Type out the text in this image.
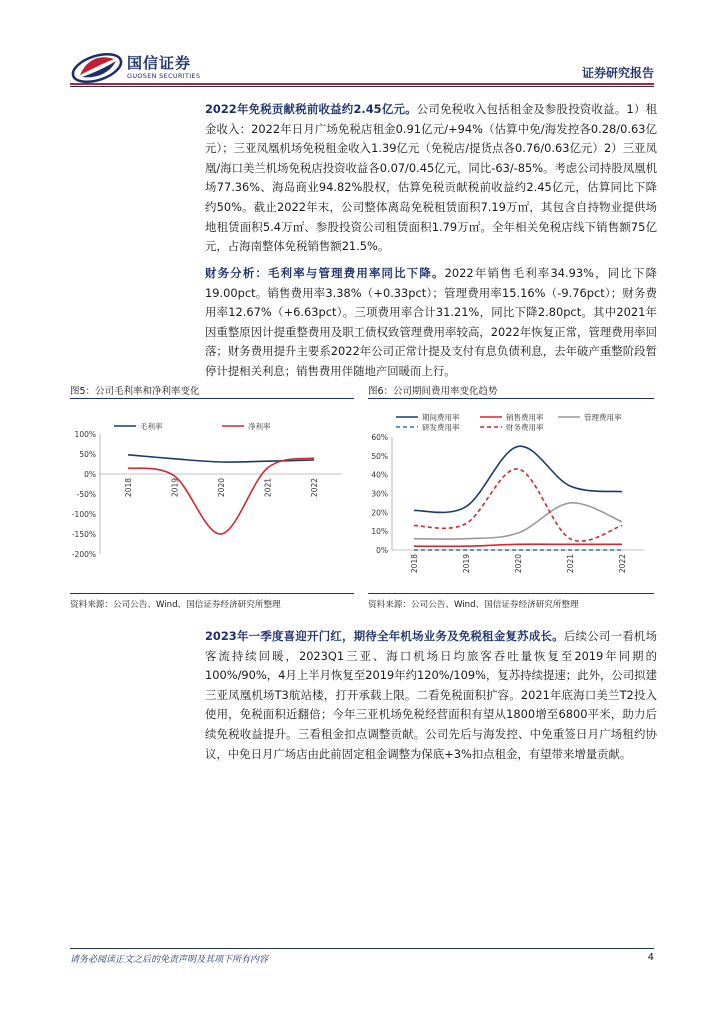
国信证券
GUOSEN SECURITIES	证券研究报告
2022年免税贡献税前收益约2.45亿元。公司免税收入包括租金及参股投资收益。1）租金收入：2022年日月广场免税店租金0.91亿元/+94%（估算中免/海发控各0.28/0.63亿元）；三亚凤凰机场免税租金收入1.39亿元（免税店/提货点各0.76/0.63亿元）2）三亚凤凰/海口美兰机场免税店投资收益各0.07/0.45亿元，同比-63/-85%。考虑公司持股凤凰机场77.36%、海岛商业94.82%股权，估算免税贡献税前收益约2.45亿元，估算同比下降约50%。截止2022年末，公司整体离岛免税租赁面积7.19万㎡，其包含自持物业提供场地租赁面积5.4万㎡、参股投资公司租赁面积1.79万㎡。全年相关免税店线下销售额75亿元，占海南整体免税销售额21.5%。
财务分析：毛利率与管理费用率同比下降。2022年销售毛利率34.93%，同比下降19.00pct。销售费用率3.38%（+0.33pct）；管理费用率15.16%（-9.76pct）；财务费用率12.67%（+6.63pct）。三项费用率合计31.21%，同比下降2.80pct。其中2021年因重整原因计提重整费用及职工债权致管理费用率较高，2022年恢复正常，管理费用率回落；财务费用提升主要系2022年公司正常计提及支付有息负债利息，去年破产重整阶段暂停计提相关利息；销售费用伴随地产回暖而上行。
图5：公司毛利率和净利率变化
100%
50%
0%
-50%
-100%
-150%
-200%
2018	2019	2020	2021	2022
毛利率	净利率
资料来源：公司公告、Wind、国信证券经济研究所整理
图6：公司期间费用率变化趋势
60%
50%
40%
30%
20%
10%
0%
2018	2019	2020	2021	2022
期间费用率	销售费用率	管理费用率
研发费用率	财务费用率
资料来源：公司公告、Wind、国信证券经济研究所整理
2023年一季度喜迎开门红，期待全年机场业务及免税租金复苏成长。后续公司一看机场客流持续回暖，2023Q1三亚、海口机场日均旅客吞吐量恢复至2019年同期的100%/90%，4月上半月恢复至2019年约120%/109%，复苏持续提速；此外，公司拟建三亚凤凰机场T3航站楼，打开承载上限。二看免税面积扩容。2021年底海口美兰T2投入使用，免税面积近翻倍；今年三亚机场免税经营面积有望从1800增至6800平米，助力后续免税收益提升。三看租金扣点调整贡献。公司先后与海发控、中免重签日月广场租约协议，中免日月广场店由此前固定租金调整为保底+3%扣点租金，有望带来增量贡献。
请务必阅读正文之后的免责声明及其项下所有内容	4
